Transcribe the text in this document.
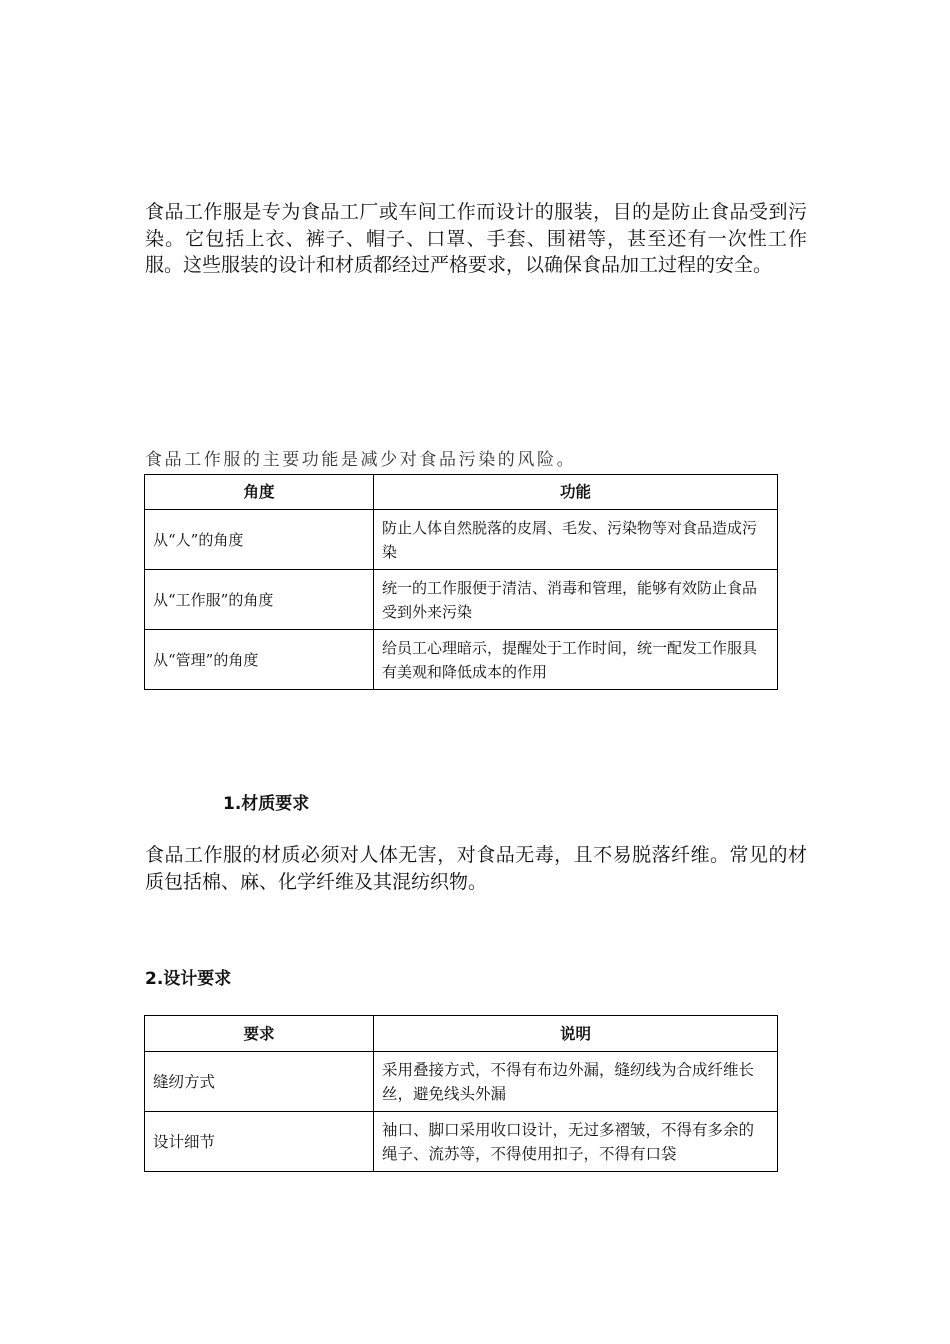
食品工作服是专为食品工厂或车间工作而设计的服装，目的是防止食品受到污染。它包括上衣、裤子、帽子、口罩、手套、围裙等，甚至还有一次性工作服。这些服装的设计和材质都经过严格要求，以确保食品加工过程的安全。
食品工作服的主要功能是减少对食品污染的风险。
角度	功能
从“人”的角度	防止人体自然脱落的皮屑、毛发、污染物等对食品造成污染
从“工作服”的角度	统一的工作服便于清洁、消毒和管理，能够有效防止食品受到外来污染
从“管理”的角度	给员工心理暗示，提醒处于工作时间，统一配发工作服具有美观和降低成本的作用
1.材质要求
食品工作服的材质必须对人体无害，对食品无毒，且不易脱落纤维。常见的材质包括棉、麻、化学纤维及其混纺织物。
2.设计要求
要求	说明
缝纫方式	采用叠接方式，不得有布边外漏，缝纫线为合成纤维长丝，避免线头外漏
设计细节	袖口、脚口采用收口设计，无过多褶皱，不得有多余的绳子、流苏等，不得使用扣子，不得有口袋
